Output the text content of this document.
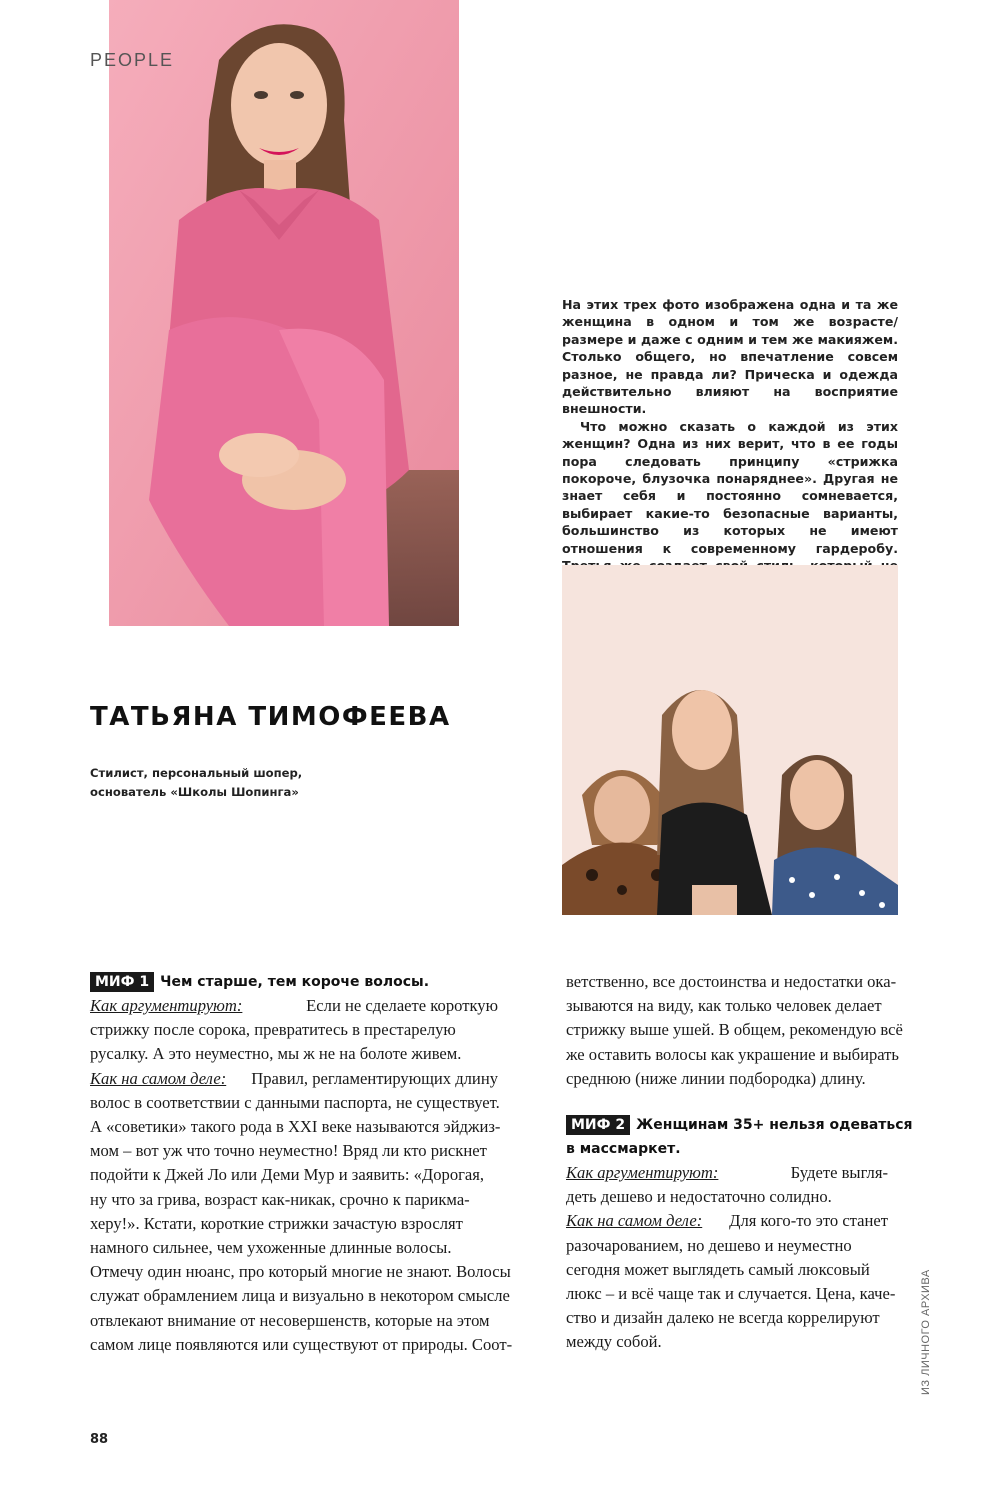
PEOPLE

На этих трех фото изображена одна и та же женщина в одном и том же возрасте/размере и даже с одним и тем же макияжем. Столько общего, но впечатление совсем разное, не правда ли? Прическа и одежда действительно влияют на восприятие внешности.

Что можно сказать о каждой из этих женщин? Одна из них верит, что в ее годы пора следовать принципу «стрижка покороче, блузочка понаряднее». Другая не знает себя и постоянно сомневается, выбирает какие-то безопасные варианты, большинство из которых не имеют отношения к современному гардеробу.

ТАТЬЯНА ТИМОФЕЕВА
Стилист, персональный шопер,
основатель «Школы Шопинга»
МИФ 1 Чем старше, тем короче волосы.
Как аргументируют:
	Если не сделаете короткую
стрижку после сорока, превратитесь в престарелую
русалку. А это неуместно, мы ж не на болоте живем.
Как на самом деле:
Правил, регламентирующих длину
волос в соответствии с данными паспорта, не существует.
А «советики» такого рода в XXI веке называются эйджиз-
мом – вот уж что точно неуместно! Вряд ли кто рискнет
подойти к Джей Ло или Деми Мур и заявить: «Дорогая,
ну что за грива, возраст как-никак, срочно к парикма-
херу!». Кстати, короткие стрижки зачастую взрослят
намного сильнее, чем ухоженные длинные волосы.
Отмечу один нюанс, про который многие не знают. Волосы
служат обрамлением лица и визуально в некотором смысле
отвлекают внимание от несовершенств, которые на этом
самом лице появляются или существуют от природы. Соот-
ветственно, все достоинства и недостатки ока-
зываются на виду, как только человек делает
стрижку выше ушей. В общем, рекомендую всё
же оставить волосы как украшение и выбирать
среднюю (ниже линии подбородка) длину.
МИФ 2 Женщинам 35+ нельзя одеваться
в массмаркет.
Как аргументируют:
	Будете выгля-
деть дешево и недостаточно солидно.
Как на самом деле:
Для кого-то это станет
разочарованием, но дешево и неуместно
сегодня может выглядеть самый люксовый
люкс – и всё чаще так и случается. Цена, каче-
ство и дизайн далеко не всегда коррелируют
между собой.	ИЗ ЛИЧНОГО АРХИВА
88
